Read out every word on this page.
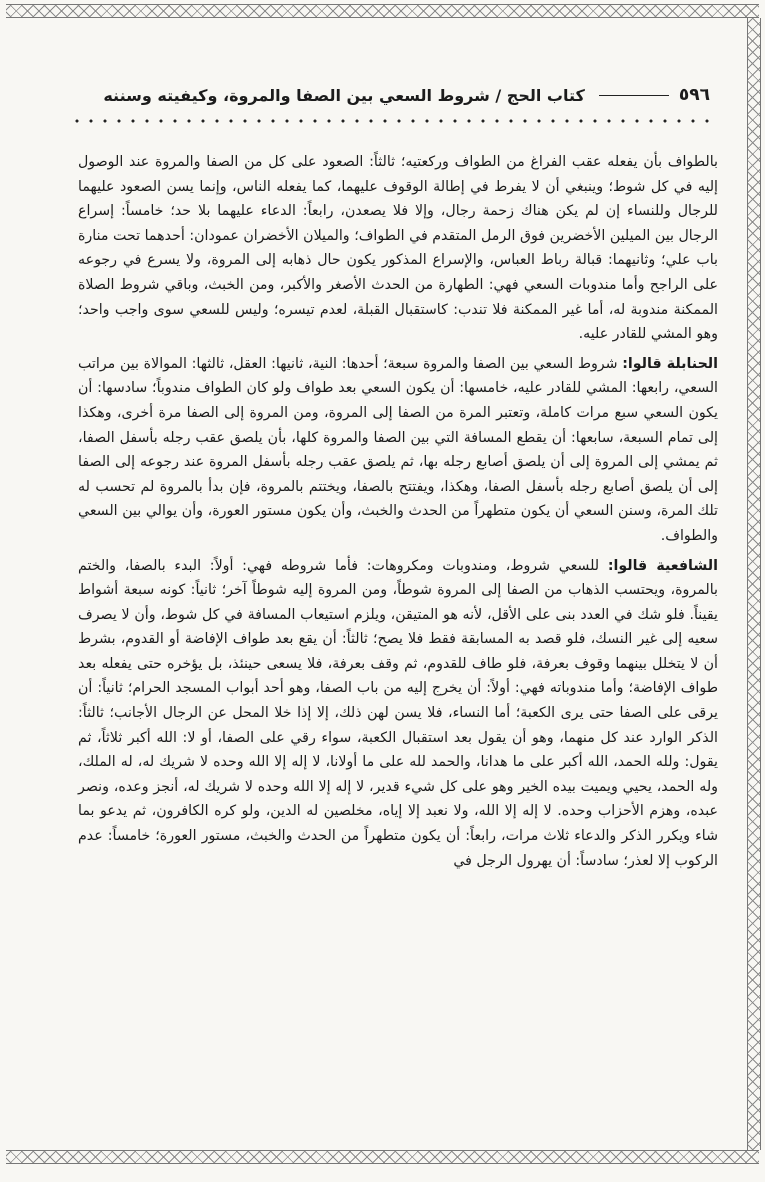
٥٩٦
كتاب الحج / شروط السعي بين الصفا والمروة، وكيفيته وسننه

بالطواف بأن يفعله عقب الفراغ من الطواف وركعتيه؛ ثالثاً: الصعود على كل من الصفا والمروة عند الوصول إليه في كل شوط؛ وينبغي أن لا يفرط في إطالة الوقوف عليهما، كما يفعله الناس، وإنما يسن الصعود عليهما للرجال وللنساء إن لم يكن هناك زحمة رجال، وإلا فلا يصعدن، رابعاً: الدعاء عليهما بلا حد؛ خامساً: إسراع الرجال بين الميلين الأخضرين فوق الرمل المتقدم في الطواف؛ والميلان الأخضران عمودان: أحدهما تحت منارة باب علي؛ وثانيهما: قبالة رباط العباس، والإسراع المذكور يكون حال ذهابه إلى المروة، ولا يسرع في رجوعه على الراجح وأما مندوبات السعي فهي: الطهارة من الحدث الأصغر والأكبر، ومن الخبث، وباقي شروط الصلاة الممكنة مندوبة له، أما غير الممكنة فلا تندب: كاستقبال القبلة، لعدم تيسره؛ وليس للسعي سوى واجب واحد؛ وهو المشي للقادر عليه.

الحنابلة قالوا: شروط السعي بين الصفا والمروة سبعة؛ أحدها: النية، ثانيها: العقل، ثالثها: الموالاة بين مراتب السعي، رابعها: المشي للقادر عليه، خامسها: أن يكون السعي بعد طواف ولو كان الطواف مندوباً؛ سادسها: أن يكون السعي سبع مرات كاملة، وتعتبر المرة من الصفا إلى المروة، ومن المروة إلى الصفا مرة أخرى، وهكذا إلى تمام السبعة، سابعها: أن يقطع المسافة التي بين الصفا والمروة كلها، بأن يلصق عقب رجله بأسفل الصفا، ثم يمشي إلى المروة إلى أن يلصق أصابع رجله بها، ثم يلصق عقب رجله بأسفل المروة عند رجوعه إلى الصفا إلى أن يلصق أصابع رجله بأسفل الصفا، وهكذا، ويفتتح بالصفا، ويختتم بالمروة، فإن بدأ بالمروة لم تحسب له تلك المرة، وسنن السعي أن يكون متطهراً من الحدث والخبث، وأن يكون مستور العورة، وأن يوالي بين السعي والطواف.

الشافعية قالوا: للسعي شروط، ومندوبات ومكروهات: فأما شروطه فهي: أولاً: البدء بالصفا، والختم بالمروة، ويحتسب الذهاب من الصفا إلى المروة شوطاً، ومن المروة إليه شوطاً آخر؛ ثانياً: كونه سبعة أشواط يقيناً. فلو شك في العدد بنى على الأقل، لأنه هو المتيقن، ويلزم استيعاب المسافة في كل شوط، وأن لا يصرف سعيه إلى غير النسك، فلو قصد به المسابقة فقط فلا يصح؛ ثالثاً: أن يقع بعد طواف الإفاضة أو القدوم، بشرط أن لا يتخلل بينهما وقوف بعرفة، فلو طاف للقدوم، ثم وقف بعرفة، فلا يسعى حينئذ، بل يؤخره حتى يفعله بعد طواف الإفاضة؛ وأما مندوباته فهي: أولاً: أن يخرج إليه من باب الصفا، وهو أحد أبواب المسجد الحرام؛ ثانياً: أن يرقى على الصفا حتى يرى الكعبة؛ أما النساء، فلا يسن لهن ذلك، إلا إذا خلا المحل عن الرجال الأجانب؛ ثالثاً: الذكر الوارد عند كل منهما، وهو أن يقول بعد استقبال الكعبة، سواء رقي على الصفا، أو لا: الله أكبر ثلاثاً، ثم يقول: ولله الحمد، الله أكبر على ما هدانا، والحمد لله على ما أولانا، لا إله إلا الله وحده لا شريك له، له الملك، وله الحمد، يحيي ويميت بيده الخير وهو على كل شيء قدير، لا إله إلا الله وحده لا شريك له، أنجز وعده، ونصر عبده، وهزم الأحزاب وحده. لا إله إلا الله، ولا نعبد إلا إياه، مخلصين له الدين، ولو كره الكافرون، ثم يدعو بما شاء ويكرر الذكر والدعاء ثلاث مرات، رابعاً: أن يكون متطهراً من الحدث والخبث، مستور العورة؛ خامساً: عدم الركوب إلا لعذر؛ سادساً: أن يهرول الرجل في
